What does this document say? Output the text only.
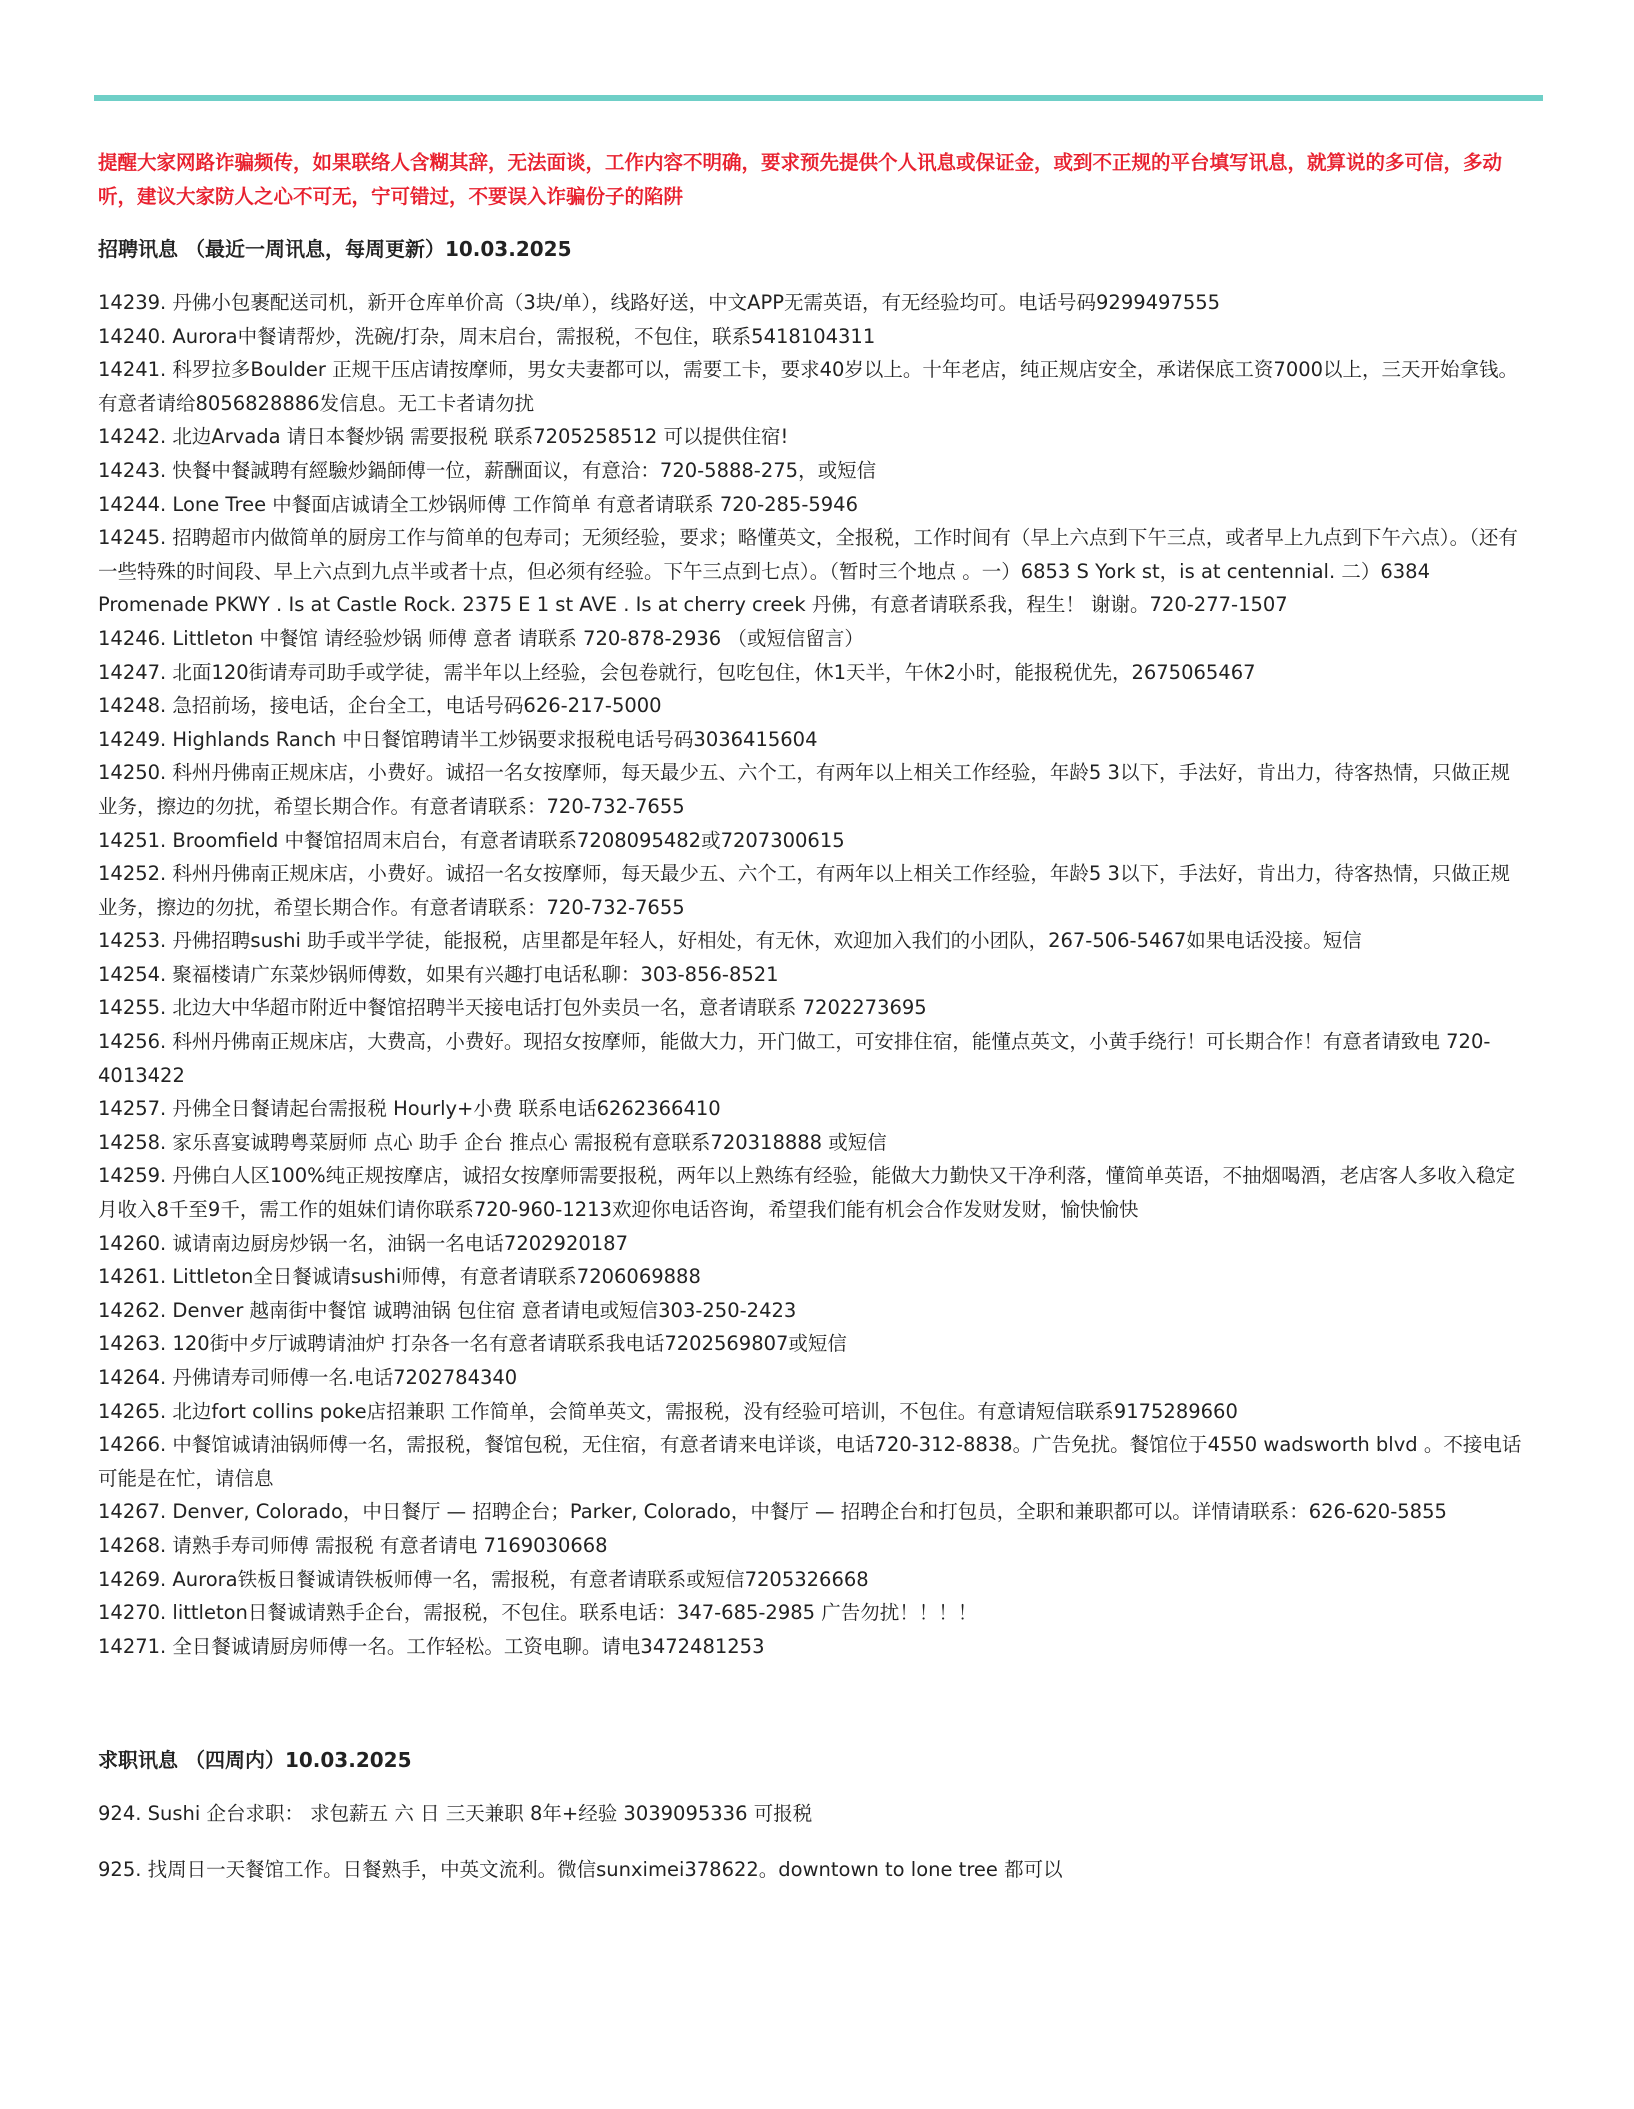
提醒大家网路诈骗频传，如果联络人含糊其辞，无法面谈，工作内容不明确，要求预先提供个人讯息或保证金，或到不正规的平台填写讯息，就算说的多可信，多动听，建议大家防人之心不可无，宁可错过，不要误入诈骗份子的陷阱

招聘讯息 （最近一周讯息，每周更新）10.03.2025
14239. 丹佛小包裹配送司机，新开仓库单价高（3块/单），线路好送，中文APP无需英语，有无经验均可。电话号码9299497555
14240. Aurora中餐请帮炒，洗碗/打杂，周末启台，需报税，不包住，联系5418104311
14241. 科罗拉多Boulder 正规干压店请按摩师，男女夫妻都可以，需要工卡，要求40岁以上。十年老店，纯正规店安全，承诺保底工资7000以上，三天开始拿钱。有意者请给8056828886发信息。无工卡者请勿扰
14242. 北边Arvada 请日本餐炒锅 需要报税 联系7205258512 可以提供住宿!
14243. 快餐中餐誠聘有經驗炒鍋師傅一位，薪酬面议，有意洽：720-5888-275，或短信
14244. Lone Tree 中餐面店诚请全工炒锅师傅 工作简单 有意者请联系 720-285-5946
14245. 招聘超市内做简单的厨房工作与简单的包寿司；无须经验，要求；略懂英文，全报税，工作时间有（早上六点到下午三点，或者早上九点到下午六点）。（还有一些特殊的时间段、早上六点到九点半或者十点，但必须有经验。下午三点到七点）。（暂时三个地点 。一）6853 S York st，is at centennial. 二）6384 Promenade PKWY . Is at Castle Rock. 2375 E 1 st AVE . Is at cherry creek 丹佛，有意者请联系我，程生！ 谢谢。720-277-1507
14246. Littleton 中餐馆 请经验炒锅 师傅 意者 请联系 720-878-2936 （或短信留言）
14247. 北面120街请寿司助手或学徒，需半年以上经验，会包卷就行，包吃包住，休1天半，午休2小时，能报税优先，2675065467
14248. 急招前场，接电话，企台全工，电话号码626-217-5000
14249. Highlands Ranch 中日餐馆聘请半工炒锅要求报税电话号码3036415604
14250. 科州丹佛南正规床店，小费好。诚招一名女按摩师，每天最少五、六个工，有两年以上相关工作经验，年龄5 3以下，手法好，肯出力，待客热情，只做正规业务，擦边的勿扰，希望长期合作。有意者请联系：720-732-7655
14251. Broomfield 中餐馆招周末启台，有意者请联系7208095482或7207300615
14252. 科州丹佛南正规床店，小费好。诚招一名女按摩师，每天最少五、六个工，有两年以上相关工作经验，年龄5 3以下，手法好，肯出力，待客热情，只做正规业务，擦边的勿扰，希望长期合作。有意者请联系：720-732-7655
14253. 丹佛招聘sushi 助手或半学徒，能报税，店里都是年轻人，好相处，有无休，欢迎加入我们的小团队，267-506-5467如果电话没接。短信
14254. 聚福楼请广东菜炒锅师傅数，如果有兴趣打电话私聊：303-856-8521
14255. 北边大中华超市附近中餐馆招聘半天接电话打包外卖员一名，意者请联系 7202273695
14256. 科州丹佛南正规床店，大费高，小费好。现招女按摩师，能做大力，开门做工，可安排住宿，能懂点英文，小黄手绕行！可长期合作！有意者请致电 720-4013422
14257. 丹佛全日餐请起台需报税 Hourly+小费 联系电话6262366410
14258. 家乐喜宴诚聘粤菜厨师 点心 助手 企台 推点心 需报税有意联系720318888 或短信
14259. 丹佛白人区100%纯正规按摩店，诚招女按摩师需要报税，两年以上熟练有经验，能做大力勤快又干净利落，懂简单英语，不抽烟喝酒，老店客人多收入稳定月收入8千至9千，需工作的姐妹们请你联系720-960-1213欢迎你电话咨询，希望我们能有机会合作发财发财，愉快愉快
14260. 诚请南边厨房炒锅一名，油锅一名电话7202920187
14261. Littleton全日餐诚请sushi师傅，有意者请联系7206069888
14262. Denver 越南街中餐馆 诚聘油锅 包住宿 意者请电或短信303-250-2423
14263. 120街中歺厅诚聘请油炉 打杂各一名有意者请联系我电话7202569807或短信
14264. 丹佛请寿司师傅一名.电话7202784340
14265. 北边fort collins poke店招兼职 工作简单，会简单英文，需报税，没有经验可培训，不包住。有意请短信联系9175289660
14266. 中餐馆诚请油锅师傅一名，需报税，餐馆包税，无住宿，有意者请来电详谈，电话720-312-8838。广告免扰。餐馆位于4550 wadsworth blvd 。不接电话可能是在忙，请信息
14267. Denver, Colorado，中日餐厅 — 招聘企台；Parker, Colorado，中餐厅 — 招聘企台和打包员，全职和兼职都可以。详情请联系：626-620-5855
14268. 请熟手寿司师傅 需报税 有意者请电 7169030668
14269. Aurora铁板日餐诚请铁板师傅一名，需报税，有意者请联系或短信7205326668
14270. littleton日餐诚请熟手企台，需报税，不包住。联系电话：347-685-2985 广告勿扰！！！！
14271. 全日餐诚请厨房师傅一名。工作轻松。工资电聊。请电3472481253
求职讯息 （四周内）10.03.2025

924. Sushi 企台求职： 求包薪五 六 日 三天兼职 8年+经验 3039095336 可报税

925. 找周日一天餐馆工作。日餐熟手，中英文流利。微信sunximei378622。downtown to lone tree 都可以
